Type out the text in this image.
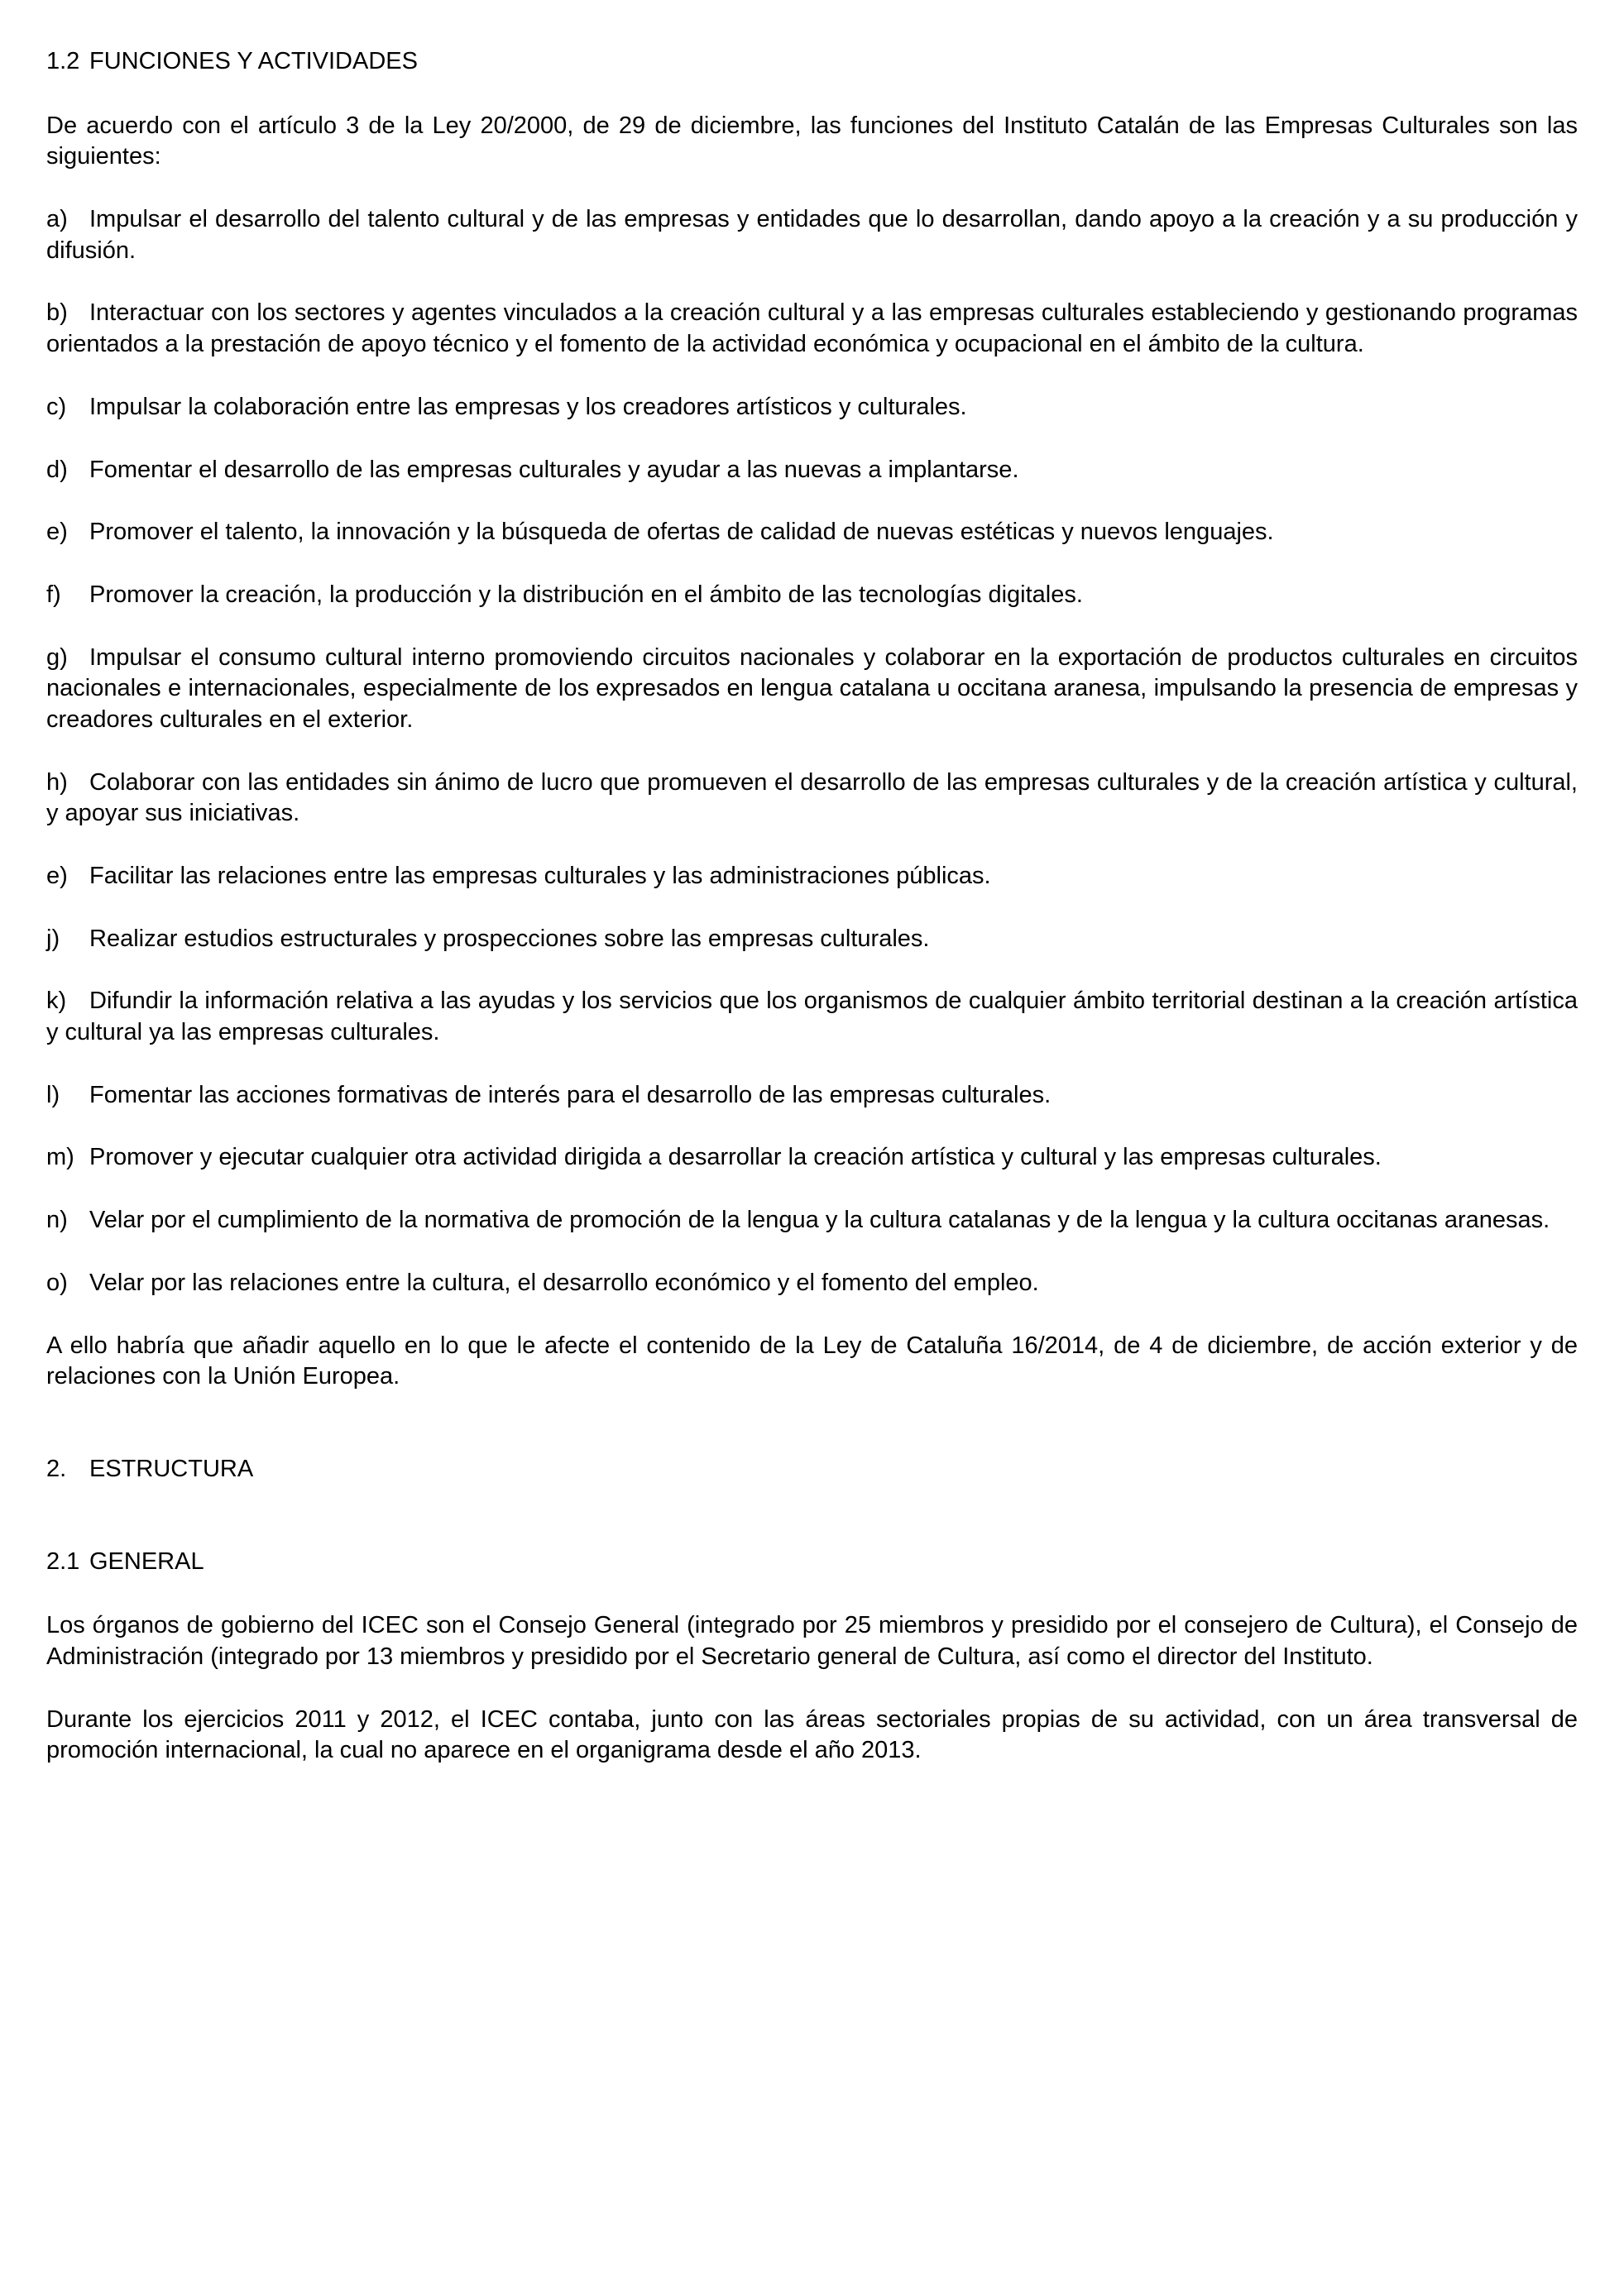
1.2 FUNCIONES Y ACTIVIDADES

De acuerdo con el artículo 3 de la Ley 20/2000, de 29 de diciembre, las funciones del Instituto Catalán de las Empresas Culturales son las siguientes:

a) Impulsar el desarrollo del talento cultural y de las empresas y entidades que lo desarrollan, dando apoyo a la creación y a su producción y difusión.

b) Interactuar con los sectores y agentes vinculados a la creación cultural y a las empresas culturales estableciendo y gestionando programas orientados a la prestación de apoyo técnico y el fomento de la actividad económica y ocupacional en el ámbito de la cultura.

c) Impulsar la colaboración entre las empresas y los creadores artísticos y culturales.

d) Fomentar el desarrollo de las empresas culturales y ayudar a las nuevas a implantarse.

e) Promover el talento, la innovación y la búsqueda de ofertas de calidad de nuevas estéticas y nuevos lenguajes.

f) Promover la creación, la producción y la distribución en el ámbito de las tecnologías digitales.

g) Impulsar el consumo cultural interno promoviendo circuitos nacionales y colaborar en la exportación de productos culturales en circuitos nacionales e internacionales, especialmente de los expresados en lengua catalana u occitana aranesa, impulsando la presencia de empresas y creadores culturales en el exterior.

h) Colaborar con las entidades sin ánimo de lucro que promueven el desarrollo de las empresas culturales y de la creación artística y cultural, y apoyar sus iniciativas.

e) Facilitar las relaciones entre las empresas culturales y las administraciones públicas.

j) Realizar estudios estructurales y prospecciones sobre las empresas culturales.

k) Difundir la información relativa a las ayudas y los servicios que los organismos de cualquier ámbito territorial destinan a la creación artística y cultural ya las empresas culturales.

l) Fomentar las acciones formativas de interés para el desarrollo de las empresas culturales.

m) Promover y ejecutar cualquier otra actividad dirigida a desarrollar la creación artística y cultural y las empresas culturales.

n) Velar por el cumplimiento de la normativa de promoción de la lengua y la cultura catalanas y de la lengua y la cultura occitanas aranesas.

o) Velar por las relaciones entre la cultura, el desarrollo económico y el fomento del empleo.

A ello habría que añadir aquello en lo que le afecte el contenido de la Ley de Cataluña 16/2014, de 4 de diciembre, de acción exterior y de relaciones con la Unión Europea.

2. ESTRUCTURA
2.1 GENERAL

Los órganos de gobierno del ICEC son el Consejo General (integrado por 25 miembros y presidido por el consejero de Cultura), el Consejo de Administración (integrado por 13 miembros y presidido por el Secretario general de Cultura, así como el director del Instituto.

Durante los ejercicios 2011 y 2012, el ICEC contaba, junto con las áreas sectoriales propias de su actividad, con un área transversal de promoción internacional, la cual no aparece en el organigrama desde el año 2013.
